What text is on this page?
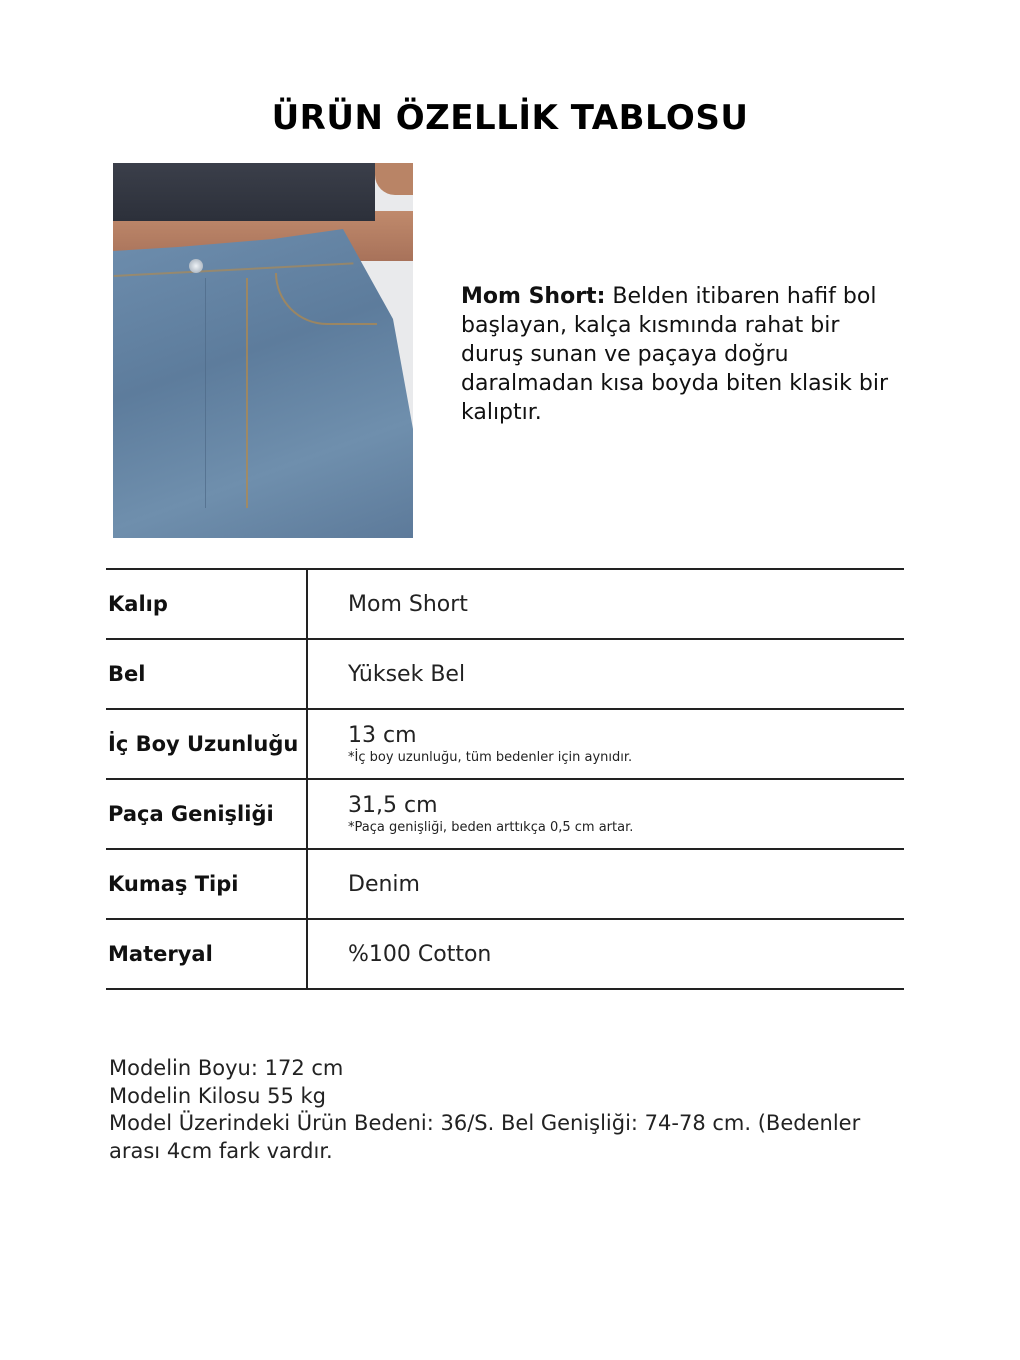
ÜRÜN ÖZELLİK TABLOSU
Mom Short: Belden itibaren hafif bol başlayan, kalça kısmında rahat bir duruş sunan ve paçaya doğru daralmadan kısa boyda biten klasik bir kalıptır.
Kalıp	Mom Short
Bel	Yüksek Bel
İç Boy Uzunluğu	13 cm
*İç boy uzunluğu, tüm bedenler için aynıdır.
Paça Genişliği	31,5 cm
*Paça genişliği, beden arttıkça 0,5 cm artar.
Kumaş Tipi	Denim
Materyal	%100 Cotton
Modelin Boyu: 172 cm
Modelin Kilosu 55 kg
Model Üzerindeki Ürün Bedeni: 36/S. Bel Genişliği: 74-78 cm. (Bedenler arası 4cm fark vardır.
